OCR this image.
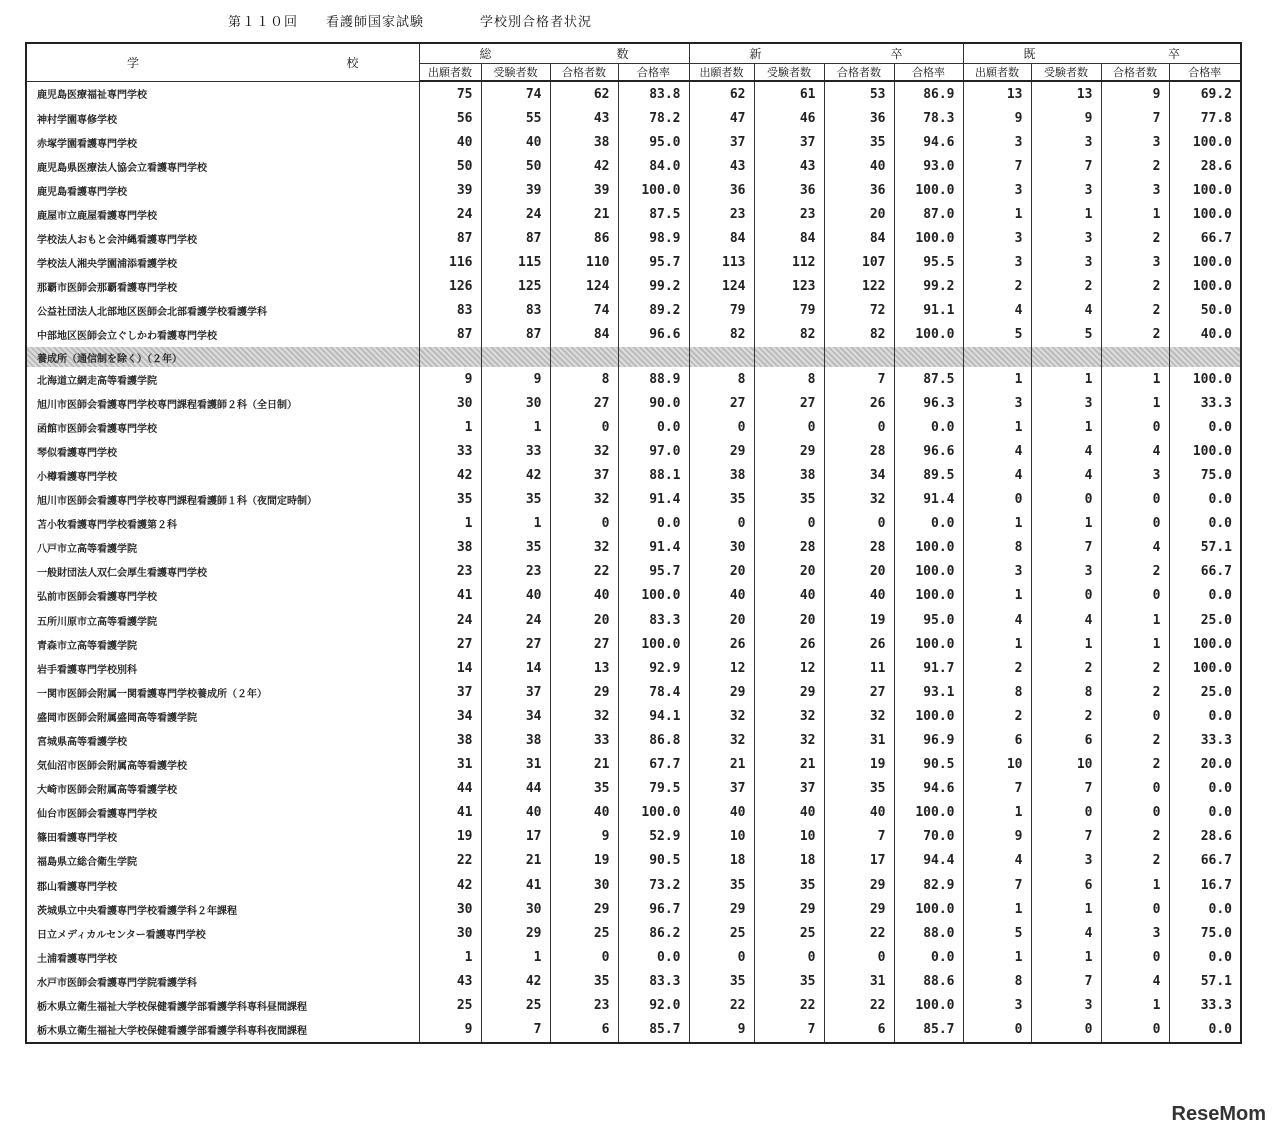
第１１０回　　看護師国家試験　　　　学校別合格者状況
学 校	総 数				新 卒				既 卒			

	出願者数	受験者数	合格者数	合格率	出願者数	受験者数	合格者数	合格率	出願者数	受験者数	合格者数	合格率
鹿児島医療福祉専門学校	75	74	62	83.8	62	61	53	86.9	13	13	9	69.2
神村学園専修学校	56	55	43	78.2	47	46	36	78.3	9	9	7	77.8
赤塚学園看護専門学校	40	40	38	95.0	37	37	35	94.6	3	3	3	100.0
鹿児島県医療法人協会立看護専門学校	50	50	42	84.0	43	43	40	93.0	7	7	2	28.6
鹿児島看護専門学校	39	39	39	100.0	36	36	36	100.0	3	3	3	100.0
鹿屋市立鹿屋看護専門学校	24	24	21	87.5	23	23	20	87.0	1	1	1	100.0
学校法人おもと会沖縄看護専門学校	87	87	86	98.9	84	84	84	100.0	3	3	2	66.7
学校法人湘央学園浦添看護学校	116	115	110	95.7	113	112	107	95.5	3	3	3	100.0
那覇市医師会那覇看護専門学校	126	125	124	99.2	124	123	122	99.2	2	2	2	100.0
公益社団法人北部地区医師会北部看護学校看護学科	83	83	74	89.2	79	79	72	91.1	4	4	2	50.0
中部地区医師会立ぐしかわ看護専門学校	87	87	84	96.6	82	82	82	100.0	5	5	2	40.0
養成所（通信制を除く）（２年）												
北海道立網走高等看護学院	9	9	8	88.9	8	8	7	87.5	1	1	1	100.0
旭川市医師会看護専門学校専門課程看護師２科（全日制）	30	30	27	90.0	27	27	26	96.3	3	3	1	33.3
函館市医師会看護専門学校	1	1	0	0.0	0	0	0	0.0	1	1	0	0.0
琴似看護専門学校	33	33	32	97.0	29	29	28	96.6	4	4	4	100.0
小樽看護専門学校	42	42	37	88.1	38	38	34	89.5	4	4	3	75.0
旭川市医師会看護専門学校専門課程看護師１科（夜間定時制）	35	35	32	91.4	35	35	32	91.4	0	0	0	0.0
苫小牧看護専門学校看護第２科	1	1	0	0.0	0	0	0	0.0	1	1	0	0.0
八戸市立高等看護学院	38	35	32	91.4	30	28	28	100.0	8	7	4	57.1
一般財団法人双仁会厚生看護専門学校	23	23	22	95.7	20	20	20	100.0	3	3	2	66.7
弘前市医師会看護専門学校	41	40	40	100.0	40	40	40	100.0	1	0	0	0.0
五所川原市立高等看護学院	24	24	20	83.3	20	20	19	95.0	4	4	1	25.0
青森市立高等看護学院	27	27	27	100.0	26	26	26	100.0	1	1	1	100.0
岩手看護専門学校別科	14	14	13	92.9	12	12	11	91.7	2	2	2	100.0
一関市医師会附属一関看護専門学校養成所（２年）	37	37	29	78.4	29	29	27	93.1	8	8	2	25.0
盛岡市医師会附属盛岡高等看護学院	34	34	32	94.1	32	32	32	100.0	2	2	0	0.0
宮城県高等看護学校	38	38	33	86.8	32	32	31	96.9	6	6	2	33.3
気仙沼市医師会附属高等看護学校	31	31	21	67.7	21	21	19	90.5	10	10	2	20.0
大崎市医師会附属高等看護学校	44	44	35	79.5	37	37	35	94.6	7	7	0	0.0
仙台市医師会看護専門学校	41	40	40	100.0	40	40	40	100.0	1	0	0	0.0
篠田看護専門学校	19	17	9	52.9	10	10	7	70.0	9	7	2	28.6
福島県立総合衛生学院	22	21	19	90.5	18	18	17	94.4	4	3	2	66.7
郡山看護専門学校	42	41	30	73.2	35	35	29	82.9	7	6	1	16.7
茨城県立中央看護専門学校看護学科２年課程	30	30	29	96.7	29	29	29	100.0	1	1	0	0.0
日立メディカルセンター看護専門学校	30	29	25	86.2	25	25	22	88.0	5	4	3	75.0
土浦看護専門学校	1	1	0	0.0	0	0	0	0.0	1	1	0	0.0
水戸市医師会看護専門学院看護学科	43	42	35	83.3	35	35	31	88.6	8	7	4	57.1
栃木県立衛生福祉大学校保健看護学部看護学科専科昼間課程	25	25	23	92.0	22	22	22	100.0	3	3	1	33.3
栃木県立衛生福祉大学校保健看護学部看護学科専科夜間課程	9	7	6	85.7	9	7	6	85.7	0	0	0	0.0
ReseMom
